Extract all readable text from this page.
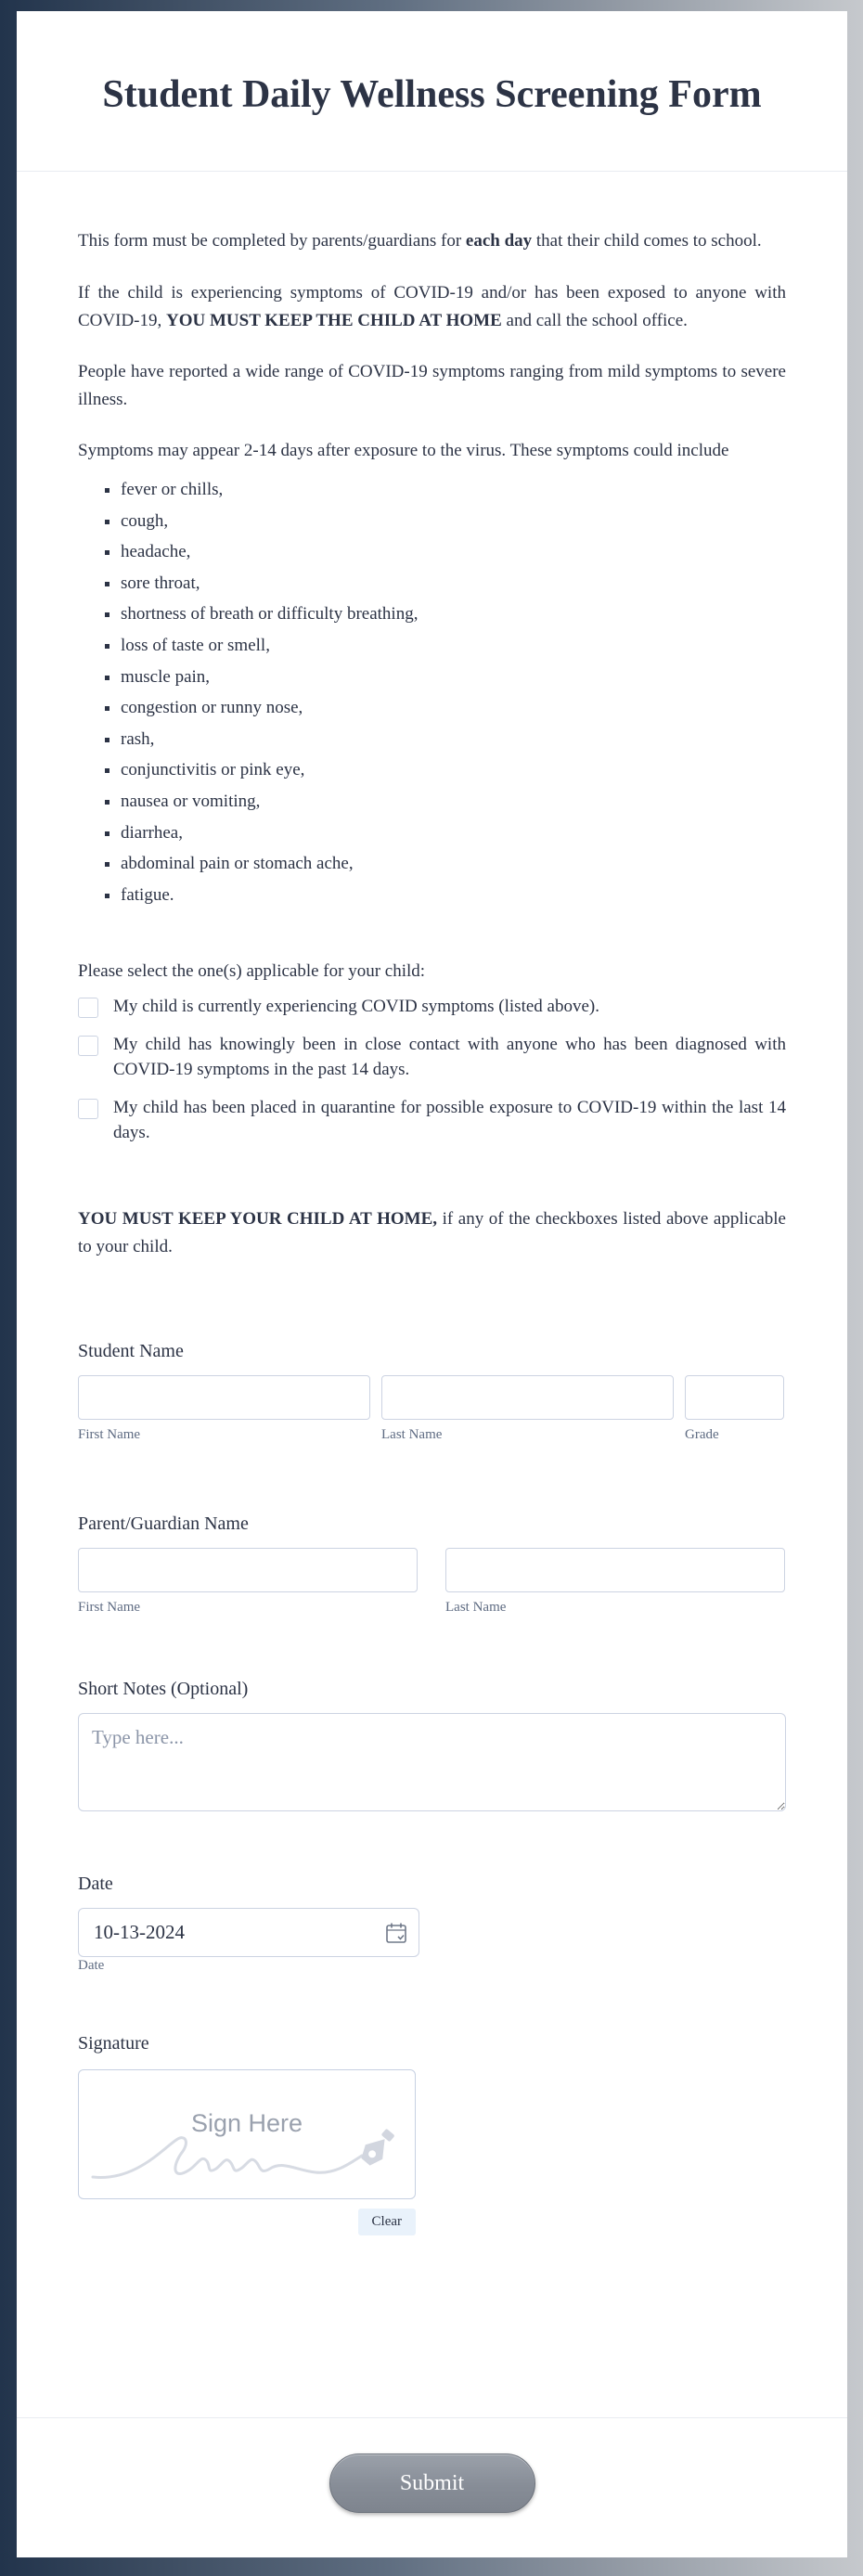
Student Daily Wellness Screening Form

This form must be completed by parents/guardians for each day that their child comes to school.

If the child is experiencing symptoms of COVID-19 and/or has been exposed to anyone with COVID-19, YOU MUST KEEP THE CHILD AT HOME and call the school office.

People have reported a wide range of COVID-19 symptoms ranging from mild symptoms to severe illness.

Symptoms may appear 2-14 days after exposure to the virus. These symptoms could include

▪ fever or chills,
▪ cough,
▪ headache,
▪ sore throat,
▪ shortness of breath or difficulty breathing,
▪ loss of taste or smell,
▪ muscle pain,
▪ congestion or runny nose,
▪ rash,
▪ conjunctivitis or pink eye,
▪ nausea or vomiting,
▪ diarrhea,
▪ abdominal pain or stomach ache,
▪ fatigue.

Please select the one(s) applicable for your child:

My child is currently experiencing COVID symptoms (listed above).
My child has knowingly been in close contact with anyone who has been diagnosed with COVID-19 symptoms in the past 14 days.
My child has been placed in quarantine for possible exposure to COVID-19 within the last 14 days.

YOU MUST KEEP YOUR CHILD AT HOME, if any of the checkboxes listed above applicable to your child.

Student Name
First Name	Last Name	Grade
Parent/Guardian Name
First Name	Last Name
Short Notes (Optional)
Type here...
Date
10-13-2024
Date
Signature
Sign Here
Clear
Submit
